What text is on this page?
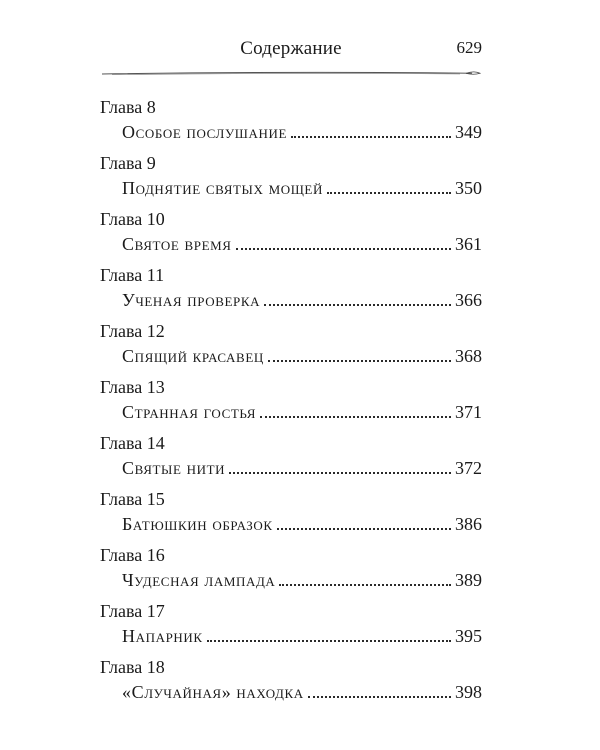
Содержание	629
Глава 8
Особое послушание	349
Глава 9
Поднятие святых мощей	350
Глава 10
Святое время	361
Глава 11
Ученая проверка	366
Глава 12
Спящий красавец	368
Глава 13
Странная гостья	371
Глава 14
Святые нити	372
Глава 15
Батюшкин образок	386
Глава 16
Чудесная лампада	389
Глава 17
Напарник	395
Глава 18
«Случайная» находка	398
